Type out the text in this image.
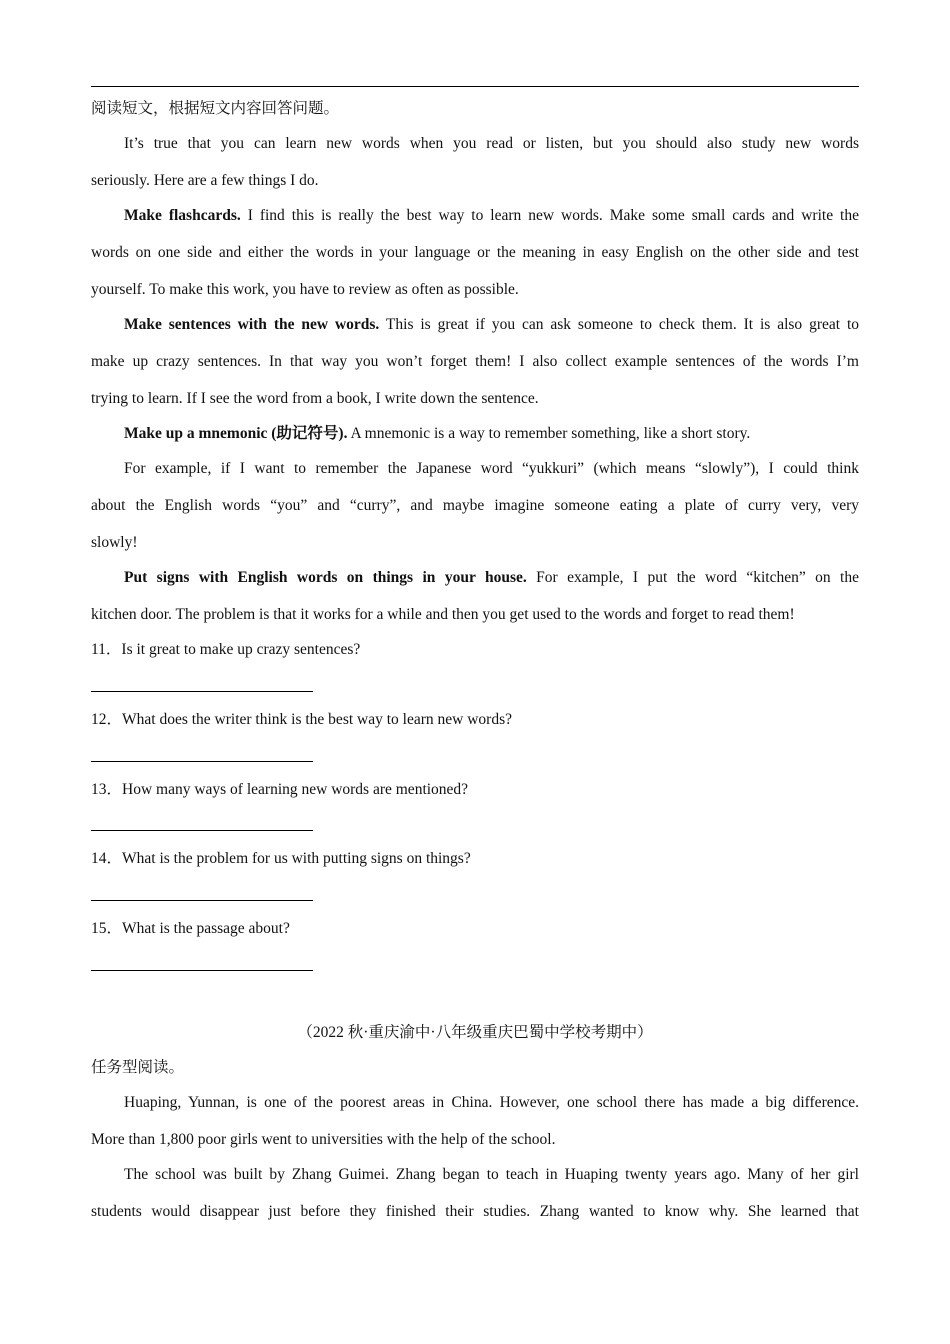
阅读短文，根据短文内容回答问题。
It’s true that you can learn new words when you read or listen, but you should also study new words
seriously. Here are a few things I do.
Make flashcards. I find this is really the best way to learn new words. Make some small cards and write the
words on one side and either the words in your language or the meaning in easy English on the other side and test
yourself. To make this work, you have to review as often as possible.
Make sentences with the new words. This is great if you can ask someone to check them. It is also great to
make up crazy sentences. In that way you won’t forget them! I also collect example sentences of the words I’m
trying to learn. If I see the word from a book, I write down the sentence.
Make up a mnemonic (助记符号). A mnemonic is a way to remember something, like a short story.
For example, if I want to remember the Japanese word “yukkuri” (which means “slowly”), I could think
about the English words “you” and “curry”, and maybe imagine someone eating a plate of curry very, very
slowly!
Put signs with English words on things in your house. For example, I put the word “kitchen” on the
kitchen door. The problem is that it works for a while and then you get used to the words and forget to read them!
11．Is it great to make up crazy sentences?
12．What does the writer think is the best way to learn new words?
13．How many ways of learning new words are mentioned?
14．What is the problem for us with putting signs on things?
15．What is the passage about?
（2022 秋·重庆渝中·八年级重庆巴蜀中学校考期中）
任务型阅读。
Huaping, Yunnan, is one of the poorest areas in China. However, one school there has made a big difference.
More than 1,800 poor girls went to universities with the help of the school.
The school was built by Zhang Guimei. Zhang began to teach in Huaping twenty years ago. Many of her girl
students would disappear just before they finished their studies. Zhang wanted to know why. She learned that
